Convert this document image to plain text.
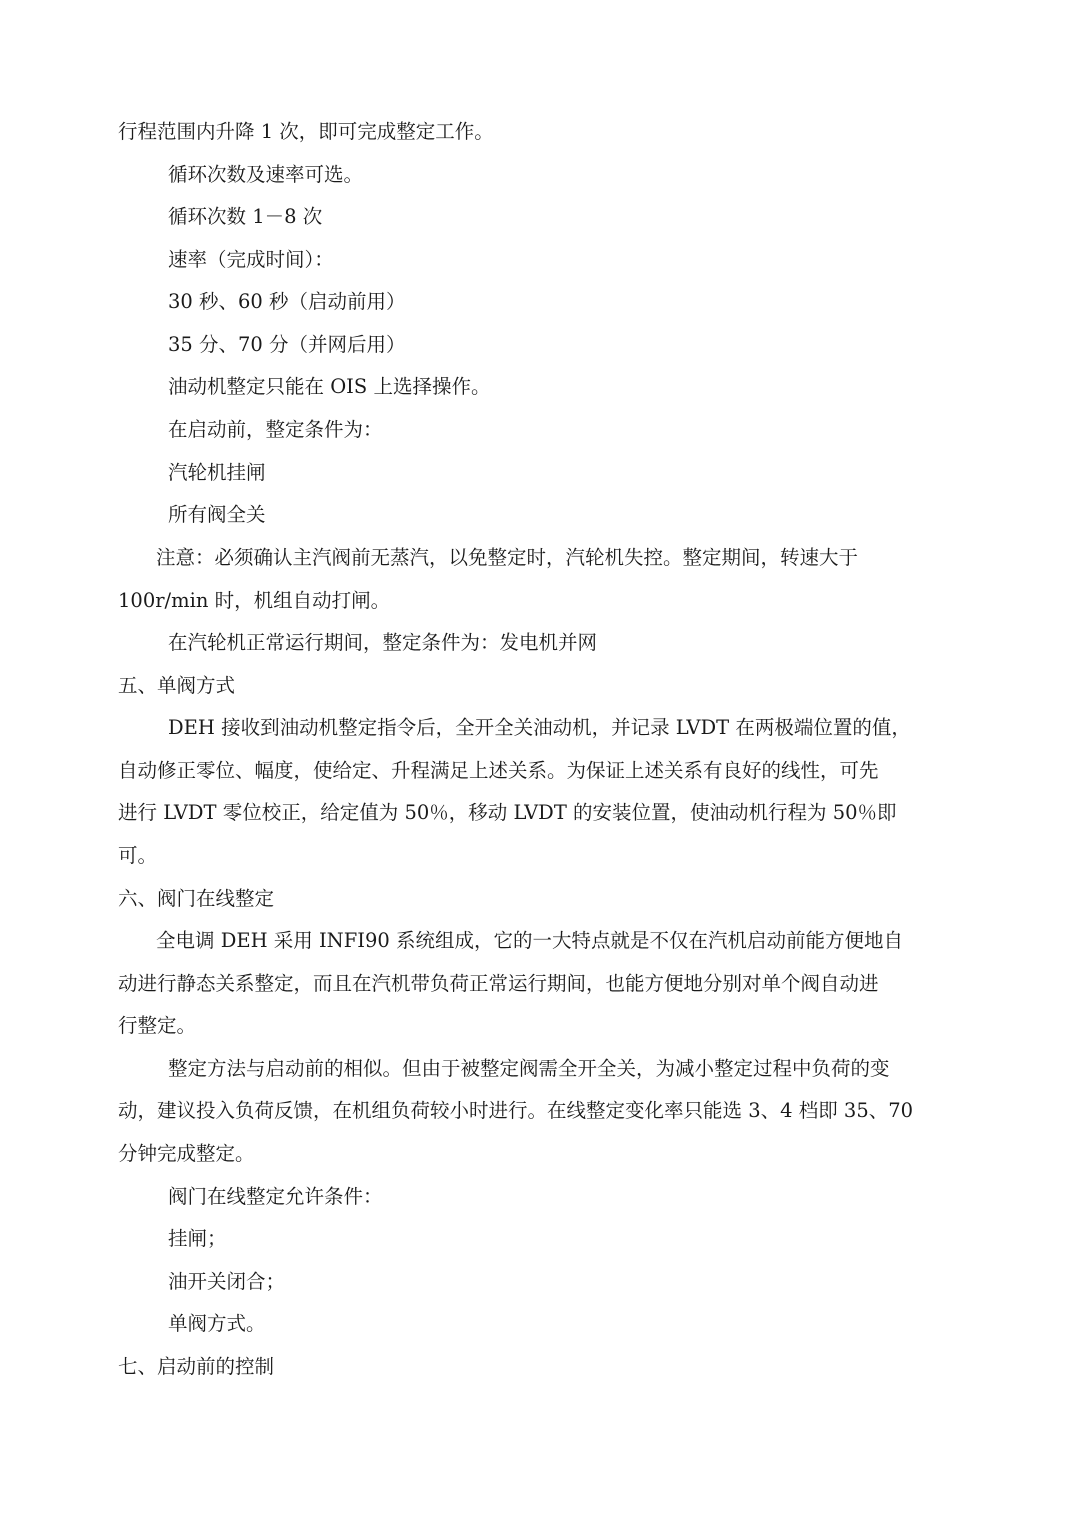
行程范围内升降 1 次，即可完成整定工作。
循环次数及速率可选。
循环次数 1－8 次
速率（完成时间）：
30 秒、60 秒（启动前用）
35 分、70 分（并网后用）
油动机整定只能在 OIS 上选择操作。
在启动前，整定条件为：
汽轮机挂闸
所有阀全关
注意：必须确认主汽阀前无蒸汽，以免整定时，汽轮机失控。整定期间，转速大于
100r/min 时，机组自动打闸。
在汽轮机正常运行期间，整定条件为：发电机并网
五、单阀方式
DEH 接收到油动机整定指令后，全开全关油动机，并记录 LVDT 在两极端位置的值，
自动修正零位、幅度，使给定、升程满足上述关系。为保证上述关系有良好的线性，可先
进行 LVDT 零位校正，给定值为 50％，移动 LVDT 的安装位置，使油动机行程为 50％即
可。
六、阀门在线整定
全电调 DEH 采用 INFI90 系统组成，它的一大特点就是不仅在汽机启动前能方便地自
动进行静态关系整定，而且在汽机带负荷正常运行期间，也能方便地分别对单个阀自动进
行整定。
整定方法与启动前的相似。但由于被整定阀需全开全关，为减小整定过程中负荷的变
动，建议投入负荷反馈，在机组负荷较小时进行。在线整定变化率只能选 3、4 档即 35、70
分钟完成整定。
阀门在线整定允许条件：
挂闸；
油开关闭合；
单阀方式。
七、启动前的控制
